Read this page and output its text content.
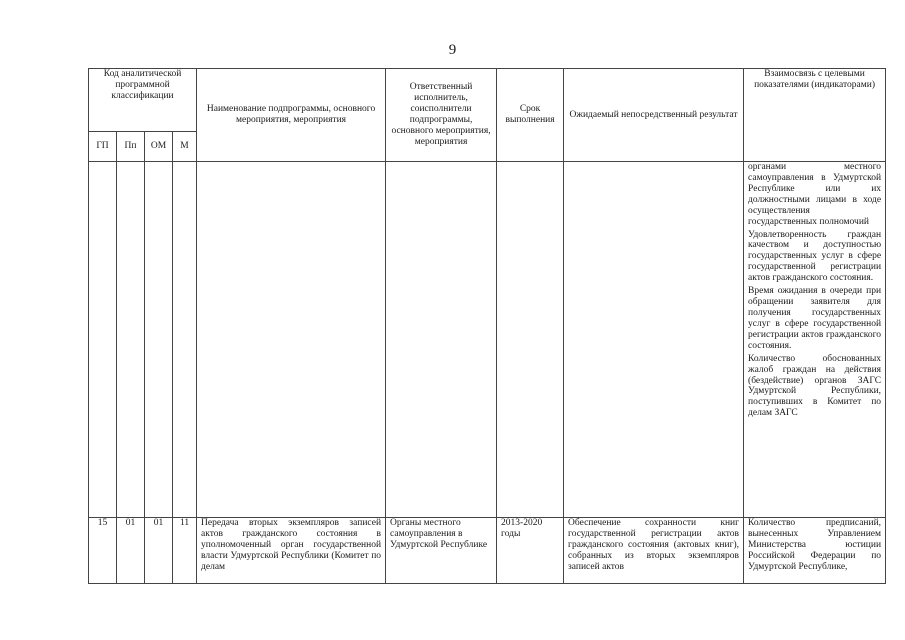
9
Код аналитической программной классификации				Наименование подпрограммы, основного мероприятия, мероприятия	Ответственный исполнитель, соисполнители подпрограммы, основного мероприятия, мероприятия	Срок выполнения	Ожидаемый непосредственный результат	Взаимосвязь с целевыми показателями (индикаторами)
ГП	Пп	ОМ	М					

								органами местного самоуправления в Удмуртской Республике или их должностными лицами в ходе осуществления государственных полномочий
Удовлетворенность граждан качеством и доступностью государственных услуг в сфере государственной регистрации актов гражданского состояния.
Время ожидания в очереди при обращении заявителя для получения государственных услуг в сфере государственной регистрации актов гражданского состояния.
Количество обоснованных жалоб граждан на действия (бездействие) органов ЗАГС Удмуртской Республики, поступивших в Комитет по делам ЗАГС

15	01	01	11	Передача вторых экземпляров записей актов гражданского состояния в уполномоченный орган государственной власти Удмуртской Республики (Комитет по делам	Органы местного самоуправления в Удмуртской Республике	2013-2020 годы	Обеспечение сохранности книг государственной регистрации актов гражданского состояния (актовых книг), собранных из вторых экземпляров записей актов	Количество предписаний, вынесенных Управлением Министерства юстиции Российской Федерации по Удмуртской Республике,
